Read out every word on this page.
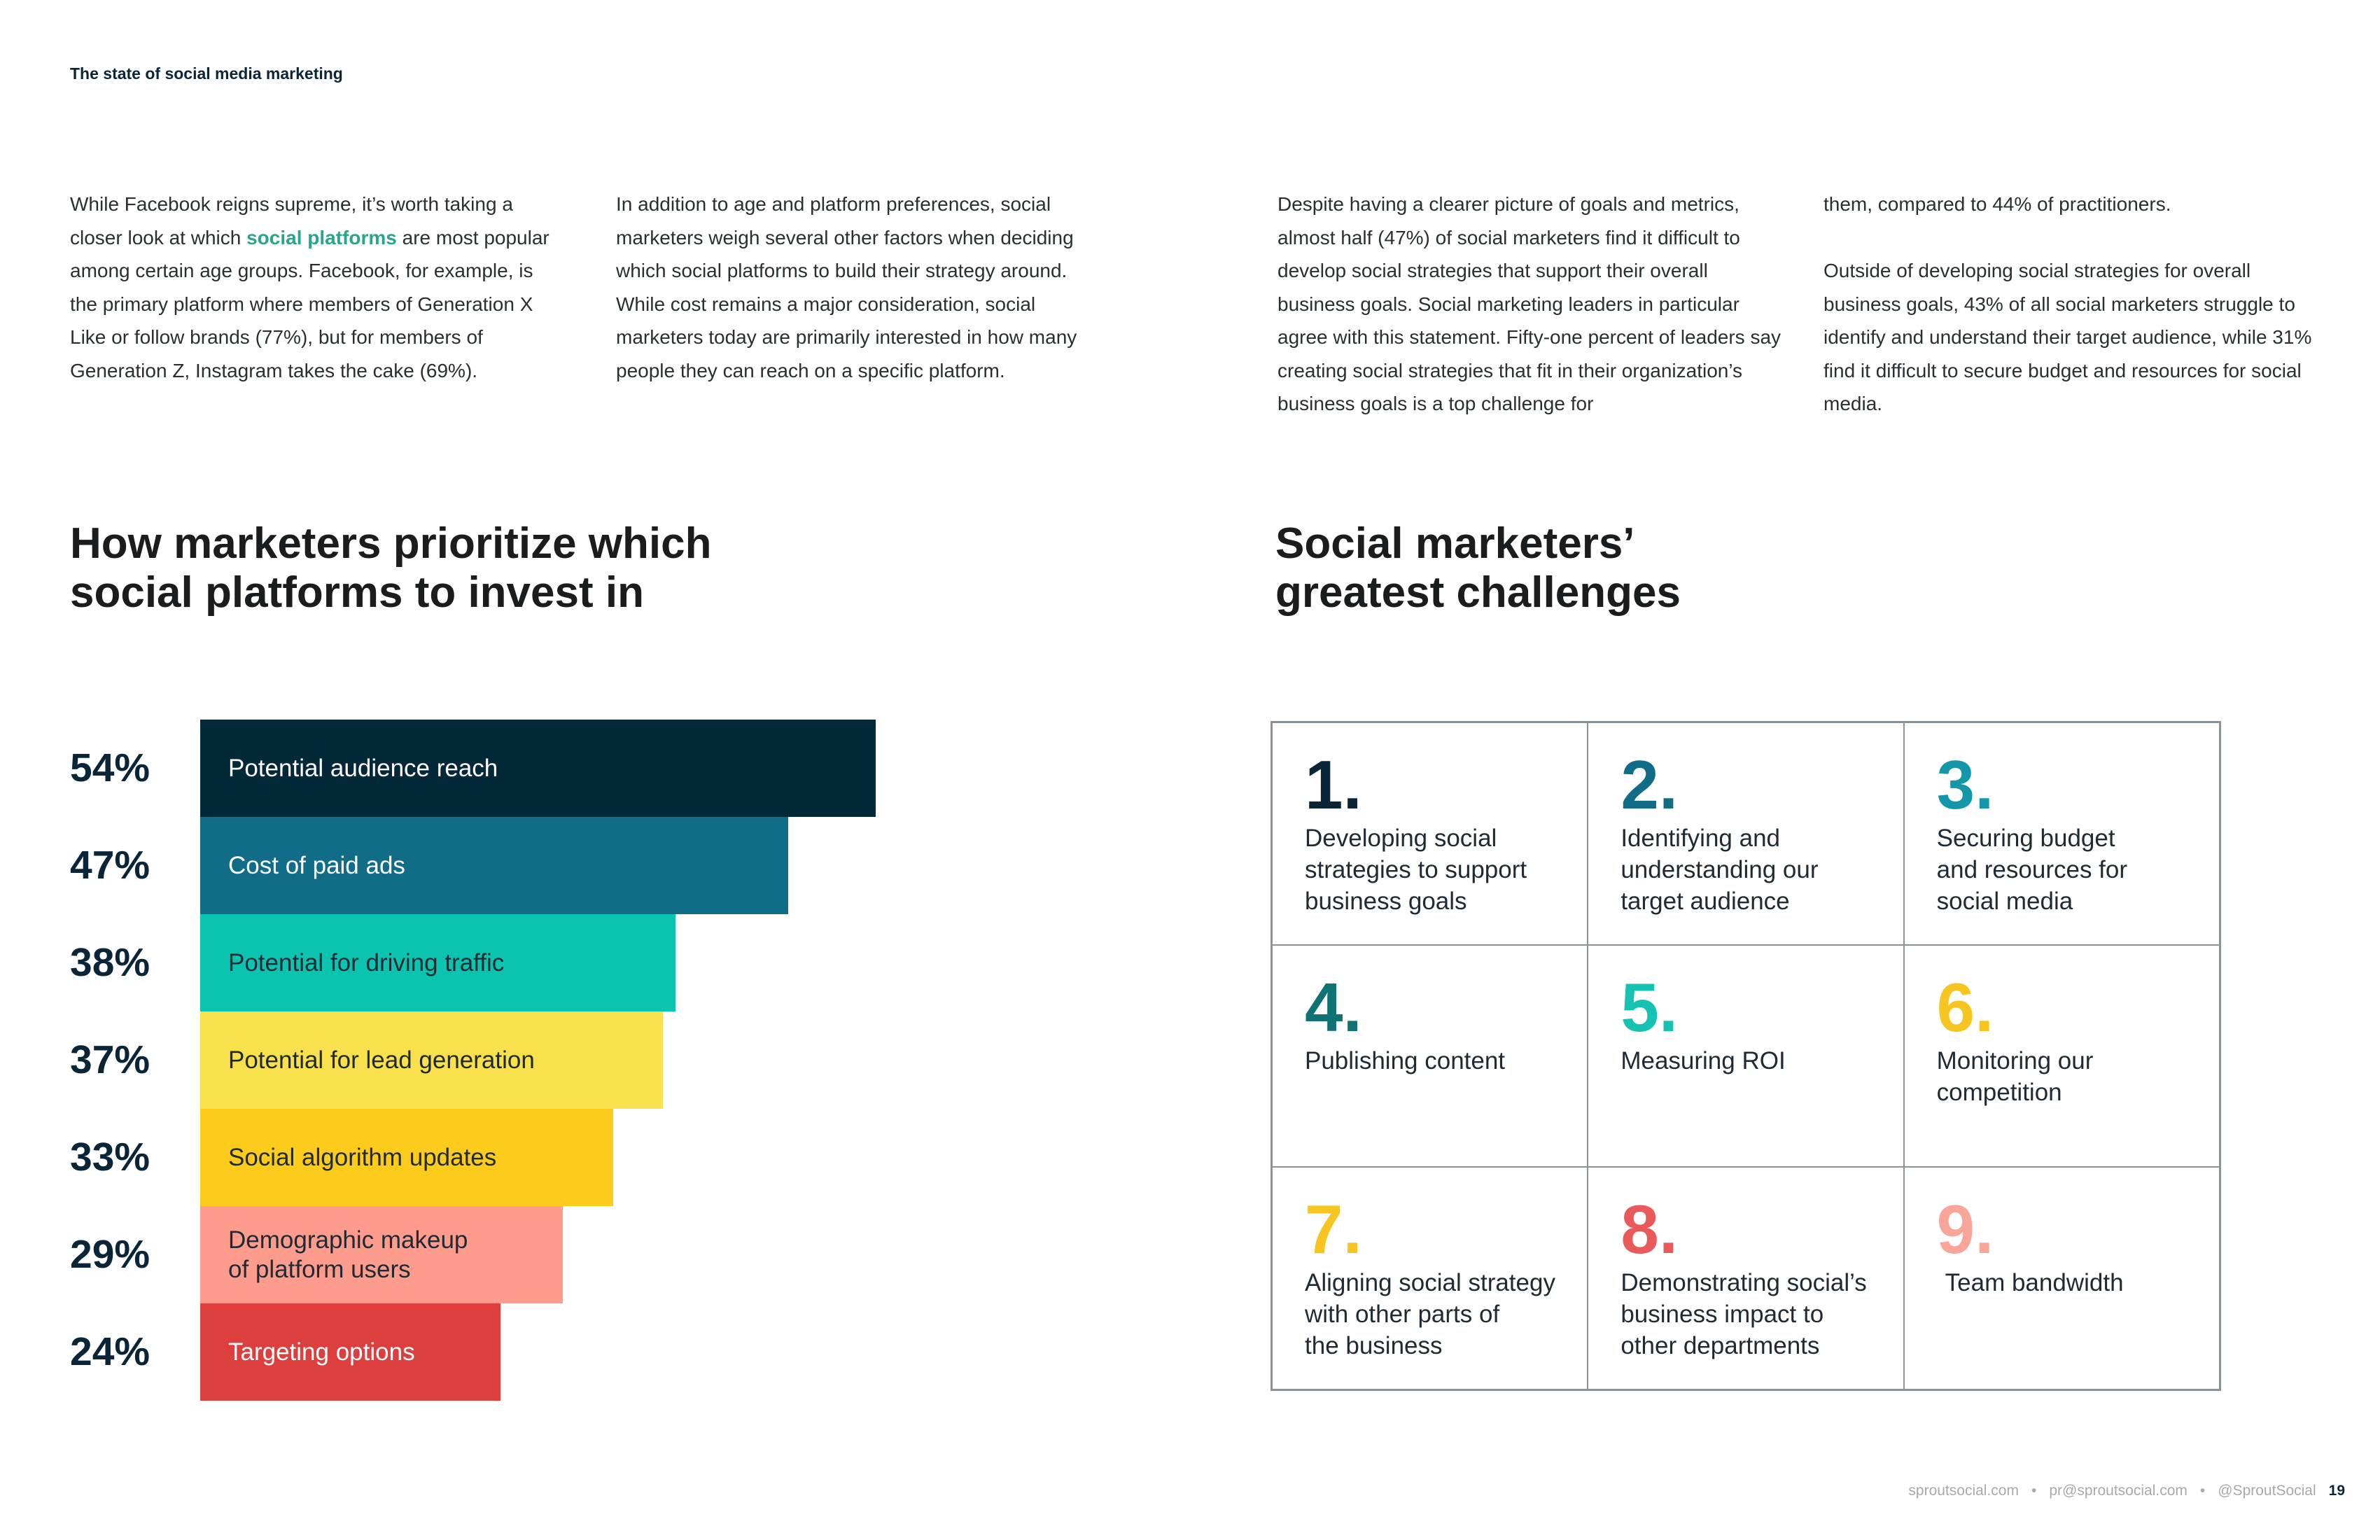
The state of social media marketing

While Facebook reigns supreme, it’s worth taking a closer look at which social platforms are most popular among certain age groups. Facebook, for example, is the primary platform where members of Generation X Like or follow brands (77%), but for members of Generation Z, Instagram takes the cake (69%).

In addition to age and platform preferences, social marketers weigh several other factors when deciding which social platforms to build their strategy around. While cost remains a major consideration, social marketers today are primarily interested in how many people they can reach on a specific platform.

Despite having a clearer picture of goals and metrics, almost half (47%) of social marketers find it difficult to develop social strategies that support their overall business goals. Social marketing leaders in particular agree with this statement. Fifty-one percent of leaders say creating social strategies that fit in their organization’s business goals is a top challenge for

them, compared to 44% of practitioners.

Outside of developing social strategies for overall business goals, 43% of all social marketers struggle to identify and understand their target audience, while 31% find it difficult to secure budget and resources for social media.

How marketers prioritize which
social platforms to invest in
Social marketers’
greatest challenges
54%	Potential audience reach
47%	Cost of paid ads
38%	Potential for driving traffic
37%	Potential for lead generation
33%	Social algorithm updates
29%	Demographic makeup
of platform users
24%	Targeting options
1.
Developing social
strategies to support
business goals
2.
Identifying and
understanding our
target audience
3.
Securing budget
and resources for
social media
4.
Publishing content
5.
Measuring ROI
6.
Monitoring our
competition
7.
Aligning social strategy
with other parts of
the business
8.
Demonstrating social’s
business impact to
other departments
9.
Team bandwidth
sproutsocial.com • pr@sproutsocial.com • @SproutSocial 19
